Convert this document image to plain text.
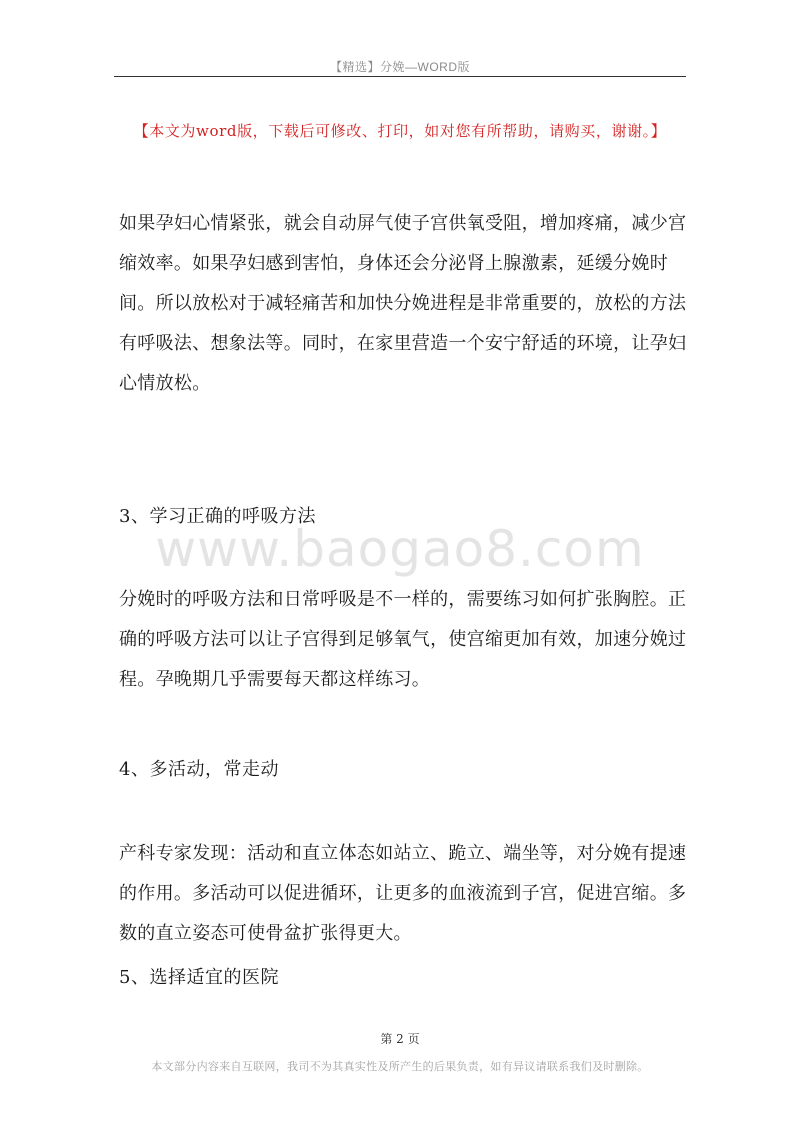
【精选】分娩—WORD版
【本文为word版，下载后可修改、打印，如对您有所帮助，请购买，谢谢。】
www.baogao8.com

如果孕妇心情紧张，就会自动屏气使子宫供氧受阻，增加疼痛，减少宫缩效率。如果孕妇感到害怕，身体还会分泌肾上腺激素，延缓分娩时间。所以放松对于减轻痛苦和加快分娩进程是非常重要的，放松的方法有呼吸法、想象法等。同时，在家里营造一个安宁舒适的环境，让孕妇心情放松。

3、学习正确的呼吸方法

分娩时的呼吸方法和日常呼吸是不一样的，需要练习如何扩张胸腔。正确的呼吸方法可以让子宫得到足够氧气，使宫缩更加有效，加速分娩过程。孕晚期几乎需要每天都这样练习。

4、多活动，常走动

产科专家发现：活动和直立体态如站立、跪立、端坐等，对分娩有提速的作用。多活动可以促进循环，让更多的血液流到子宫，促进宫缩。多数的直立姿态可使骨盆扩张得更大。

5、选择适宜的医院
第 2 页
本文部分内容来自互联网，我司不为其真实性及所产生的后果负责，如有异议请联系我们及时删除。
